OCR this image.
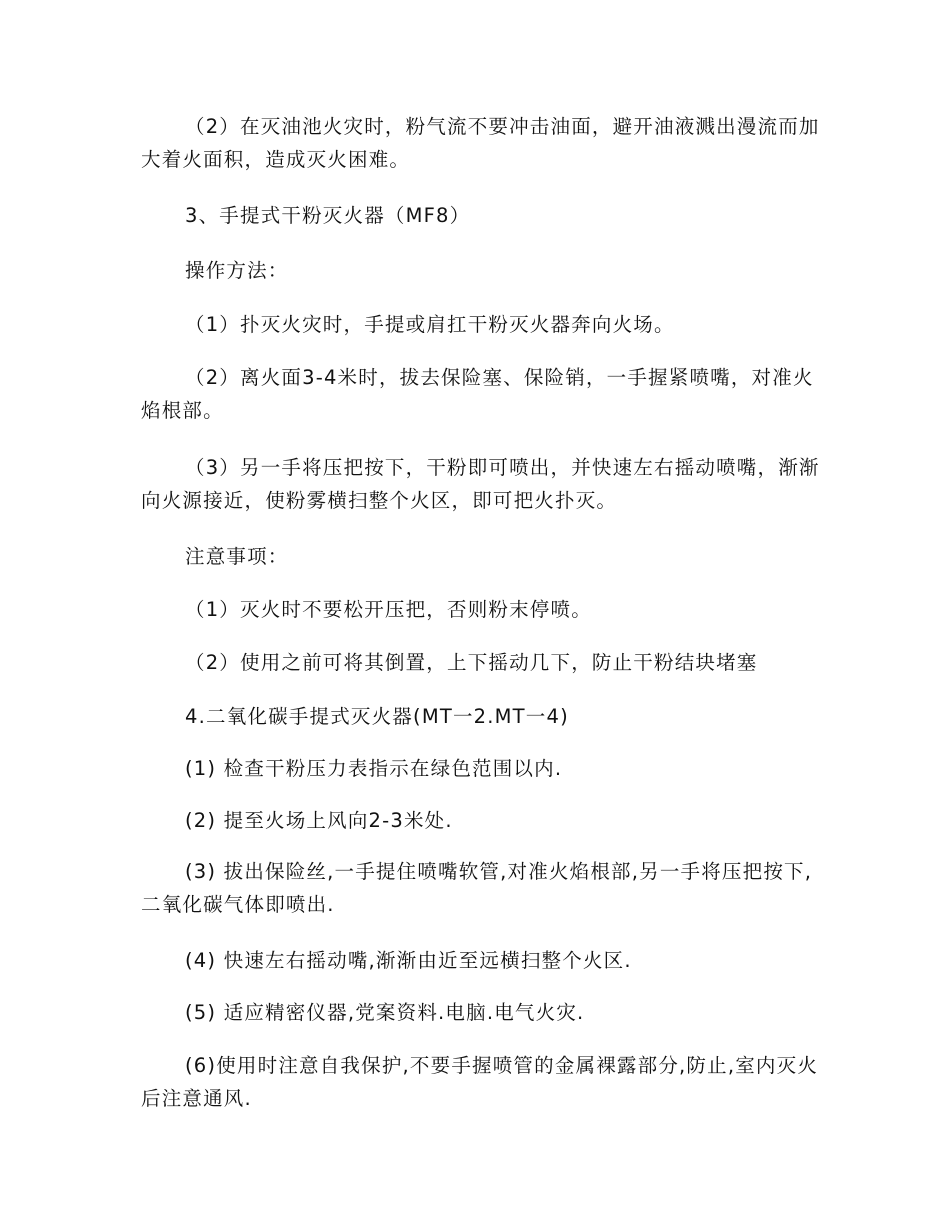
（2）在灭油池火灾时，粉气流不要冲击油面，避开油液溅出漫流而加大着火面积，造成灭火困难。

3、手提式干粉灭火器（MF8）

操作方法：

（1）扑灭火灾时，手提或肩扛干粉灭火器奔向火场。

（2）离火面3-4米时，拔去保险塞、保险销，一手握紧喷嘴，对准火焰根部。

（3）另一手将压把按下，干粉即可喷出，并快速左右摇动喷嘴，渐渐向火源接近，使粉雾横扫整个火区，即可把火扑灭。

注意事项：

（1）灭火时不要松开压把，否则粉末停喷。

（2）使用之前可将其倒置，上下摇动几下，防止干粉结块堵塞

4.二氧化碳手提式灭火器(MT一2.MT一4)

(1) 检查干粉压力表指示在绿色范围以内.

(2) 提至火场上风向2-3米处.

(3) 拔出保险丝,一手提住喷嘴软管,对准火焰根部,另一手将压把按下,二氧化碳气体即喷出.

(4) 快速左右摇动嘴,渐渐由近至远横扫整个火区.

(5) 适应精密仪器,党案资料.电脑.电气火灾.

(6)使用时注意自我保护,不要手握喷管的金属裸露部分,防止,室内灭火后注意通风.
